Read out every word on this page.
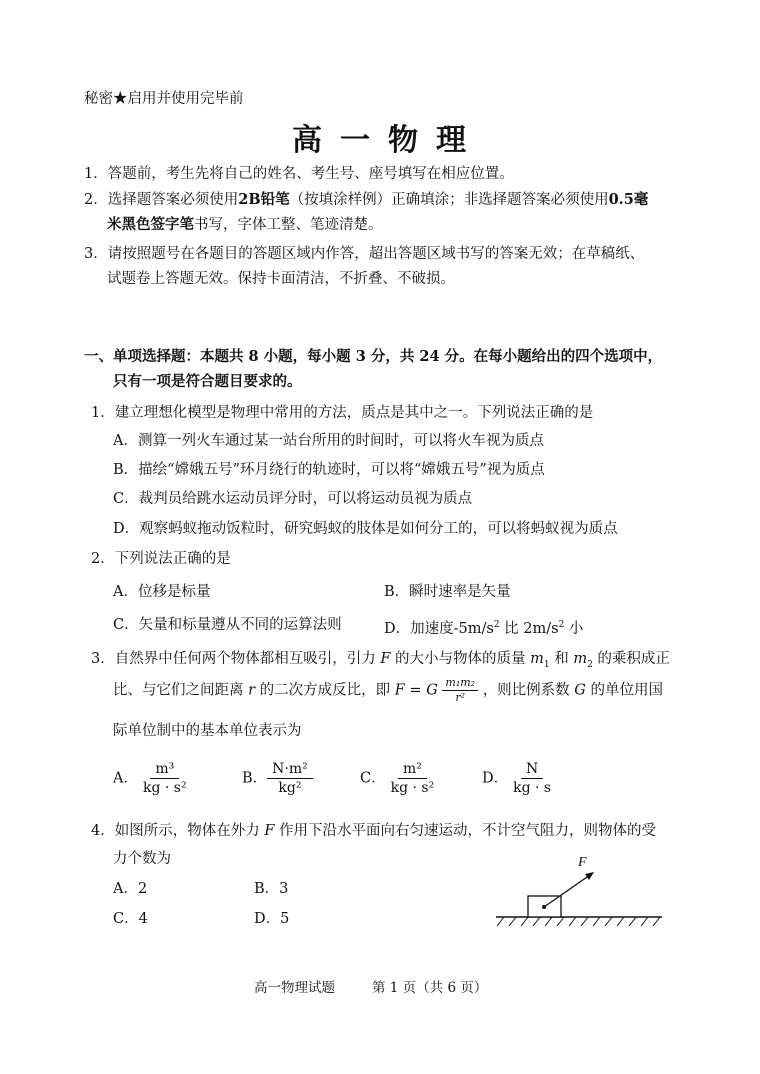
秘密★启用并使用完毕前
高一物理
1．答题前，考生先将自己的姓名、考生号、座号填写在相应位置。
2．选择题答案必须使用2B铅笔（按填涂样例）正确填涂；非选择题答案必须使用0.5毫
米黑色签字笔书写，字体工整、笔迹清楚。
3．请按照题号在各题目的答题区域内作答，超出答题区域书写的答案无效；在草稿纸、
试题卷上答题无效。保持卡面清洁，不折叠、不破损。
一、单项选择题：本题共 8 小题，每小题 3 分，共 24 分。在每小题给出的四个选项中，
只有一项是符合题目要求的。
1．建立理想化模型是物理中常用的方法，质点是其中之一。下列说法正确的是
A．测算一列火车通过某一站台所用的时间时，可以将火车视为质点
B．描绘“嫦娥五号”环月绕行的轨迹时，可以将“嫦娥五号”视为质点
C．裁判员给跳水运动员评分时，可以将运动员视为质点
D．观察蚂蚁拖动饭粒时，研究蚂蚁的肢体是如何分工的，可以将蚂蚁视为质点
2．下列说法正确的是
A．位移是标量	B．瞬时速率是矢量
C．矢量和标量遵从不同的运算法则	D．加速度$-5m/s^2$ 比 $2m/s^2$ 小
3．自然界中任何两个物体都相互吸引，引力 F 的大小与物体的质量 $m_1$ 和 $m_2$ 的乘积成正
比、与它们之间距离 r 的二次方成反比，即 F = G $\frac{\text{m₁m₂}}{\text{r²}}$ ，则比例系数 G 的单位用国
际单位制中的基本单位表示为
A． $\frac{\text{m³}}{\text{kg · s²}}$	B． $\frac{\text{N·m²}}{\text{kg²}}$	C． $\frac{\text{m²}}{\text{kg · s²}}$	D． $\frac{N}{kg \cdot s}$
4．如图所示，物体在外力 F 作用下沿水平面向右匀速运动，不计空气阻力，则物体的受
力个数为
A．2	B．3
C．4	D．5
F
高一物理试题	第 1 页（共 6 页）
